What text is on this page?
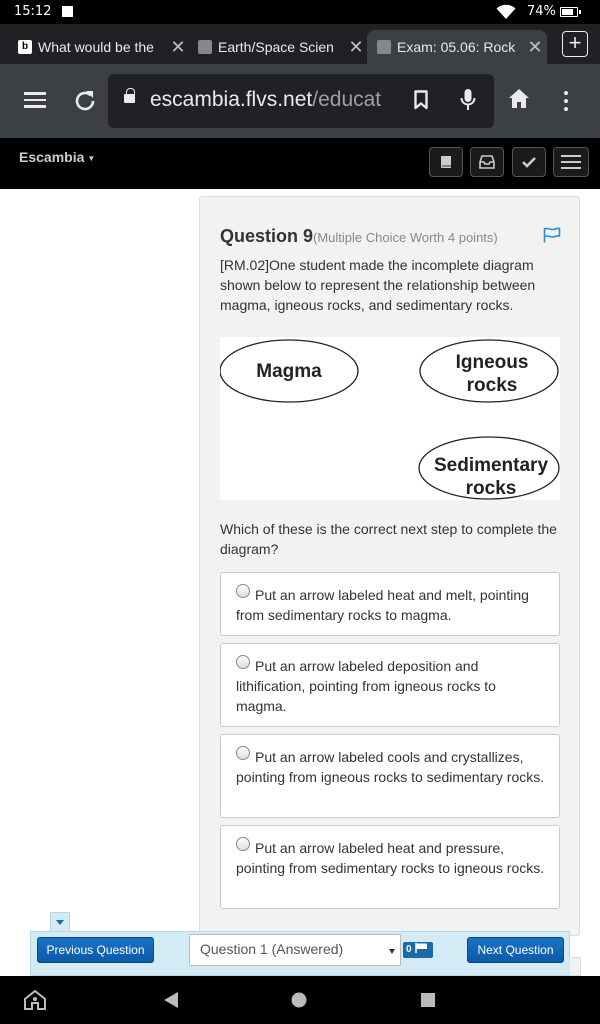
15:12	74%
b What would be the ✕	Earth/Space Scien ✕	Exam: 05.06: Rock ✕ +
escambia.flvs.net/educat
Escambia ▼
Question 9(Multiple Choice Worth 4 points)

[RM.02]One student made the incomplete diagram shown below to represent the relationship between magma, igneous rocks, and sedimentary rocks.

Magma	Igneous
rocks
Sedimentary
rocks

Which of these is the correct next step to complete the diagram?

Put an arrow labeled heat and melt, pointing from sedimentary rocks to magma.
Put an arrow labeled deposition and lithification, pointing from igneous rocks to magma.
Put an arrow labeled cools and crystallizes, pointing from igneous rocks to sedimentary rocks.
Put an arrow labeled heat and pressure, pointing from sedimentary rocks to igneous rocks.
Previous Question	Question 1 (Answered)	0	Next Question
